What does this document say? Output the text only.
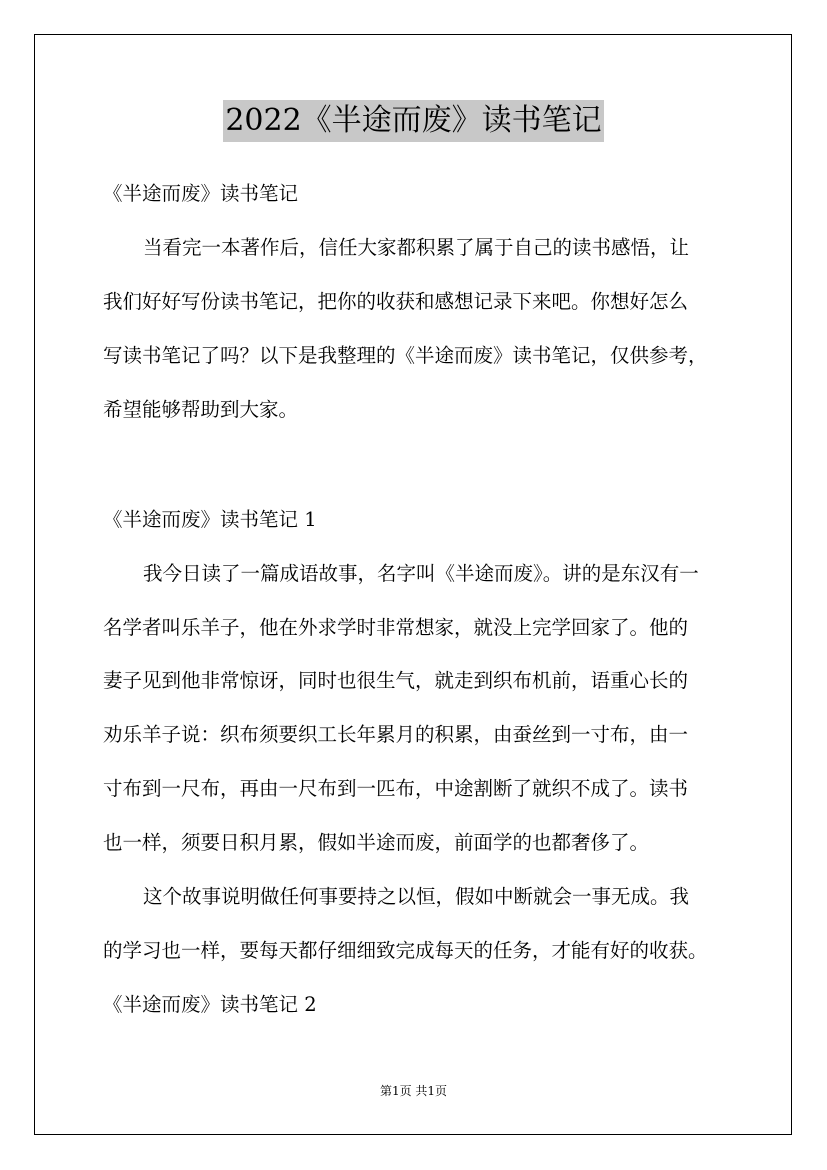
2022《半途而废》读书笔记
《半途而废》读书笔记
当看完一本著作后，信任大家都积累了属于自己的读书感悟，让
我们好好写份读书笔记，把你的收获和感想记录下来吧。你想好怎么
写读书笔记了吗？以下是我整理的《半途而废》读书笔记，仅供参考，
希望能够帮助到大家。
《半途而废》读书笔记 1
我今日读了一篇成语故事，名字叫《半途而废》。讲的是东汉有一
名学者叫乐羊子，他在外求学时非常想家，就没上完学回家了。他的
妻子见到他非常惊讶，同时也很生气，就走到织布机前，语重心长的
劝乐羊子说：织布须要织工长年累月的积累，由蚕丝到一寸布，由一
寸布到一尺布，再由一尺布到一匹布，中途割断了就织不成了。读书
也一样，须要日积月累，假如半途而废，前面学的也都奢侈了。
这个故事说明做任何事要持之以恒，假如中断就会一事无成。我
的学习也一样，要每天都仔细细致完成每天的任务，才能有好的收获。
《半途而废》读书笔记 2
第1页 共1页
